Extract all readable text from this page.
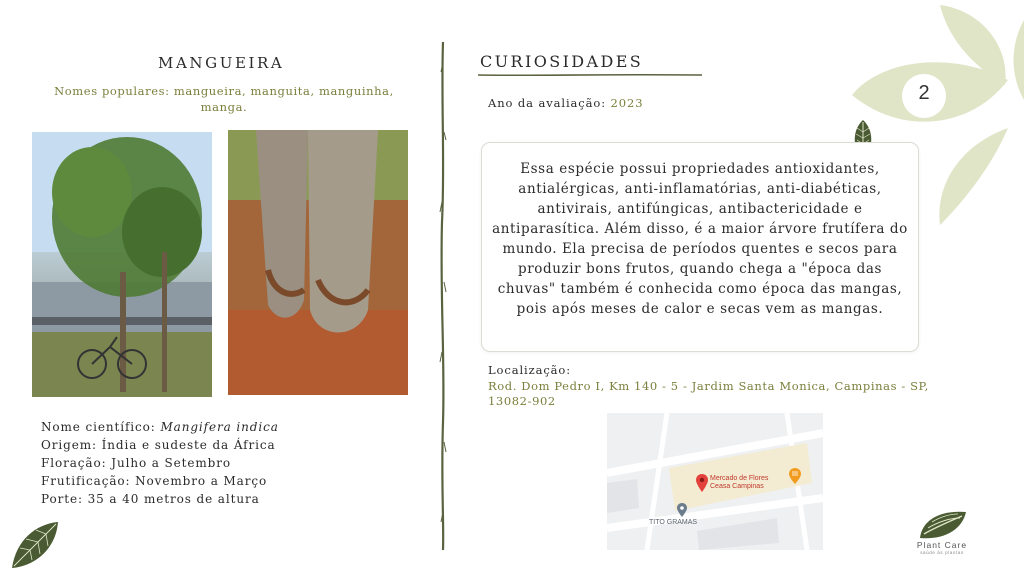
2
MANGUEIRA
Nomes populares: mangueira, manguita, manguinha, manga.
Nome científico: Mangifera indica
Origem: Índia e sudeste da África
Floração: Julho a Setembro
Frutificação: Novembro a Março
Porte: 35 a 40 metros de altura
CURIOSIDADES
Ano da avaliação: 2023

Essa espécie possui propriedades antioxidantes, antialérgicas, anti-inflamatórias, anti-diabéticas, antivirais, antifúngicas, antibactericidade e antiparasítica. Além disso, é a maior árvore frutífera do mundo. Ela precisa de períodos quentes e secos para produzir bons frutos, quando chega a "época das chuvas" também é conhecida como época das mangas, pois após meses de calor e secas vem as mangas.

Localização:
Rod. Dom Pedro I, Km 140 - 5 - Jardim Santa Monica, Campinas - SP, 13082-902
Mercado de Flores
Ceasa Campinas
TITO GRAMAS
Plant Care
saúde às plantas
